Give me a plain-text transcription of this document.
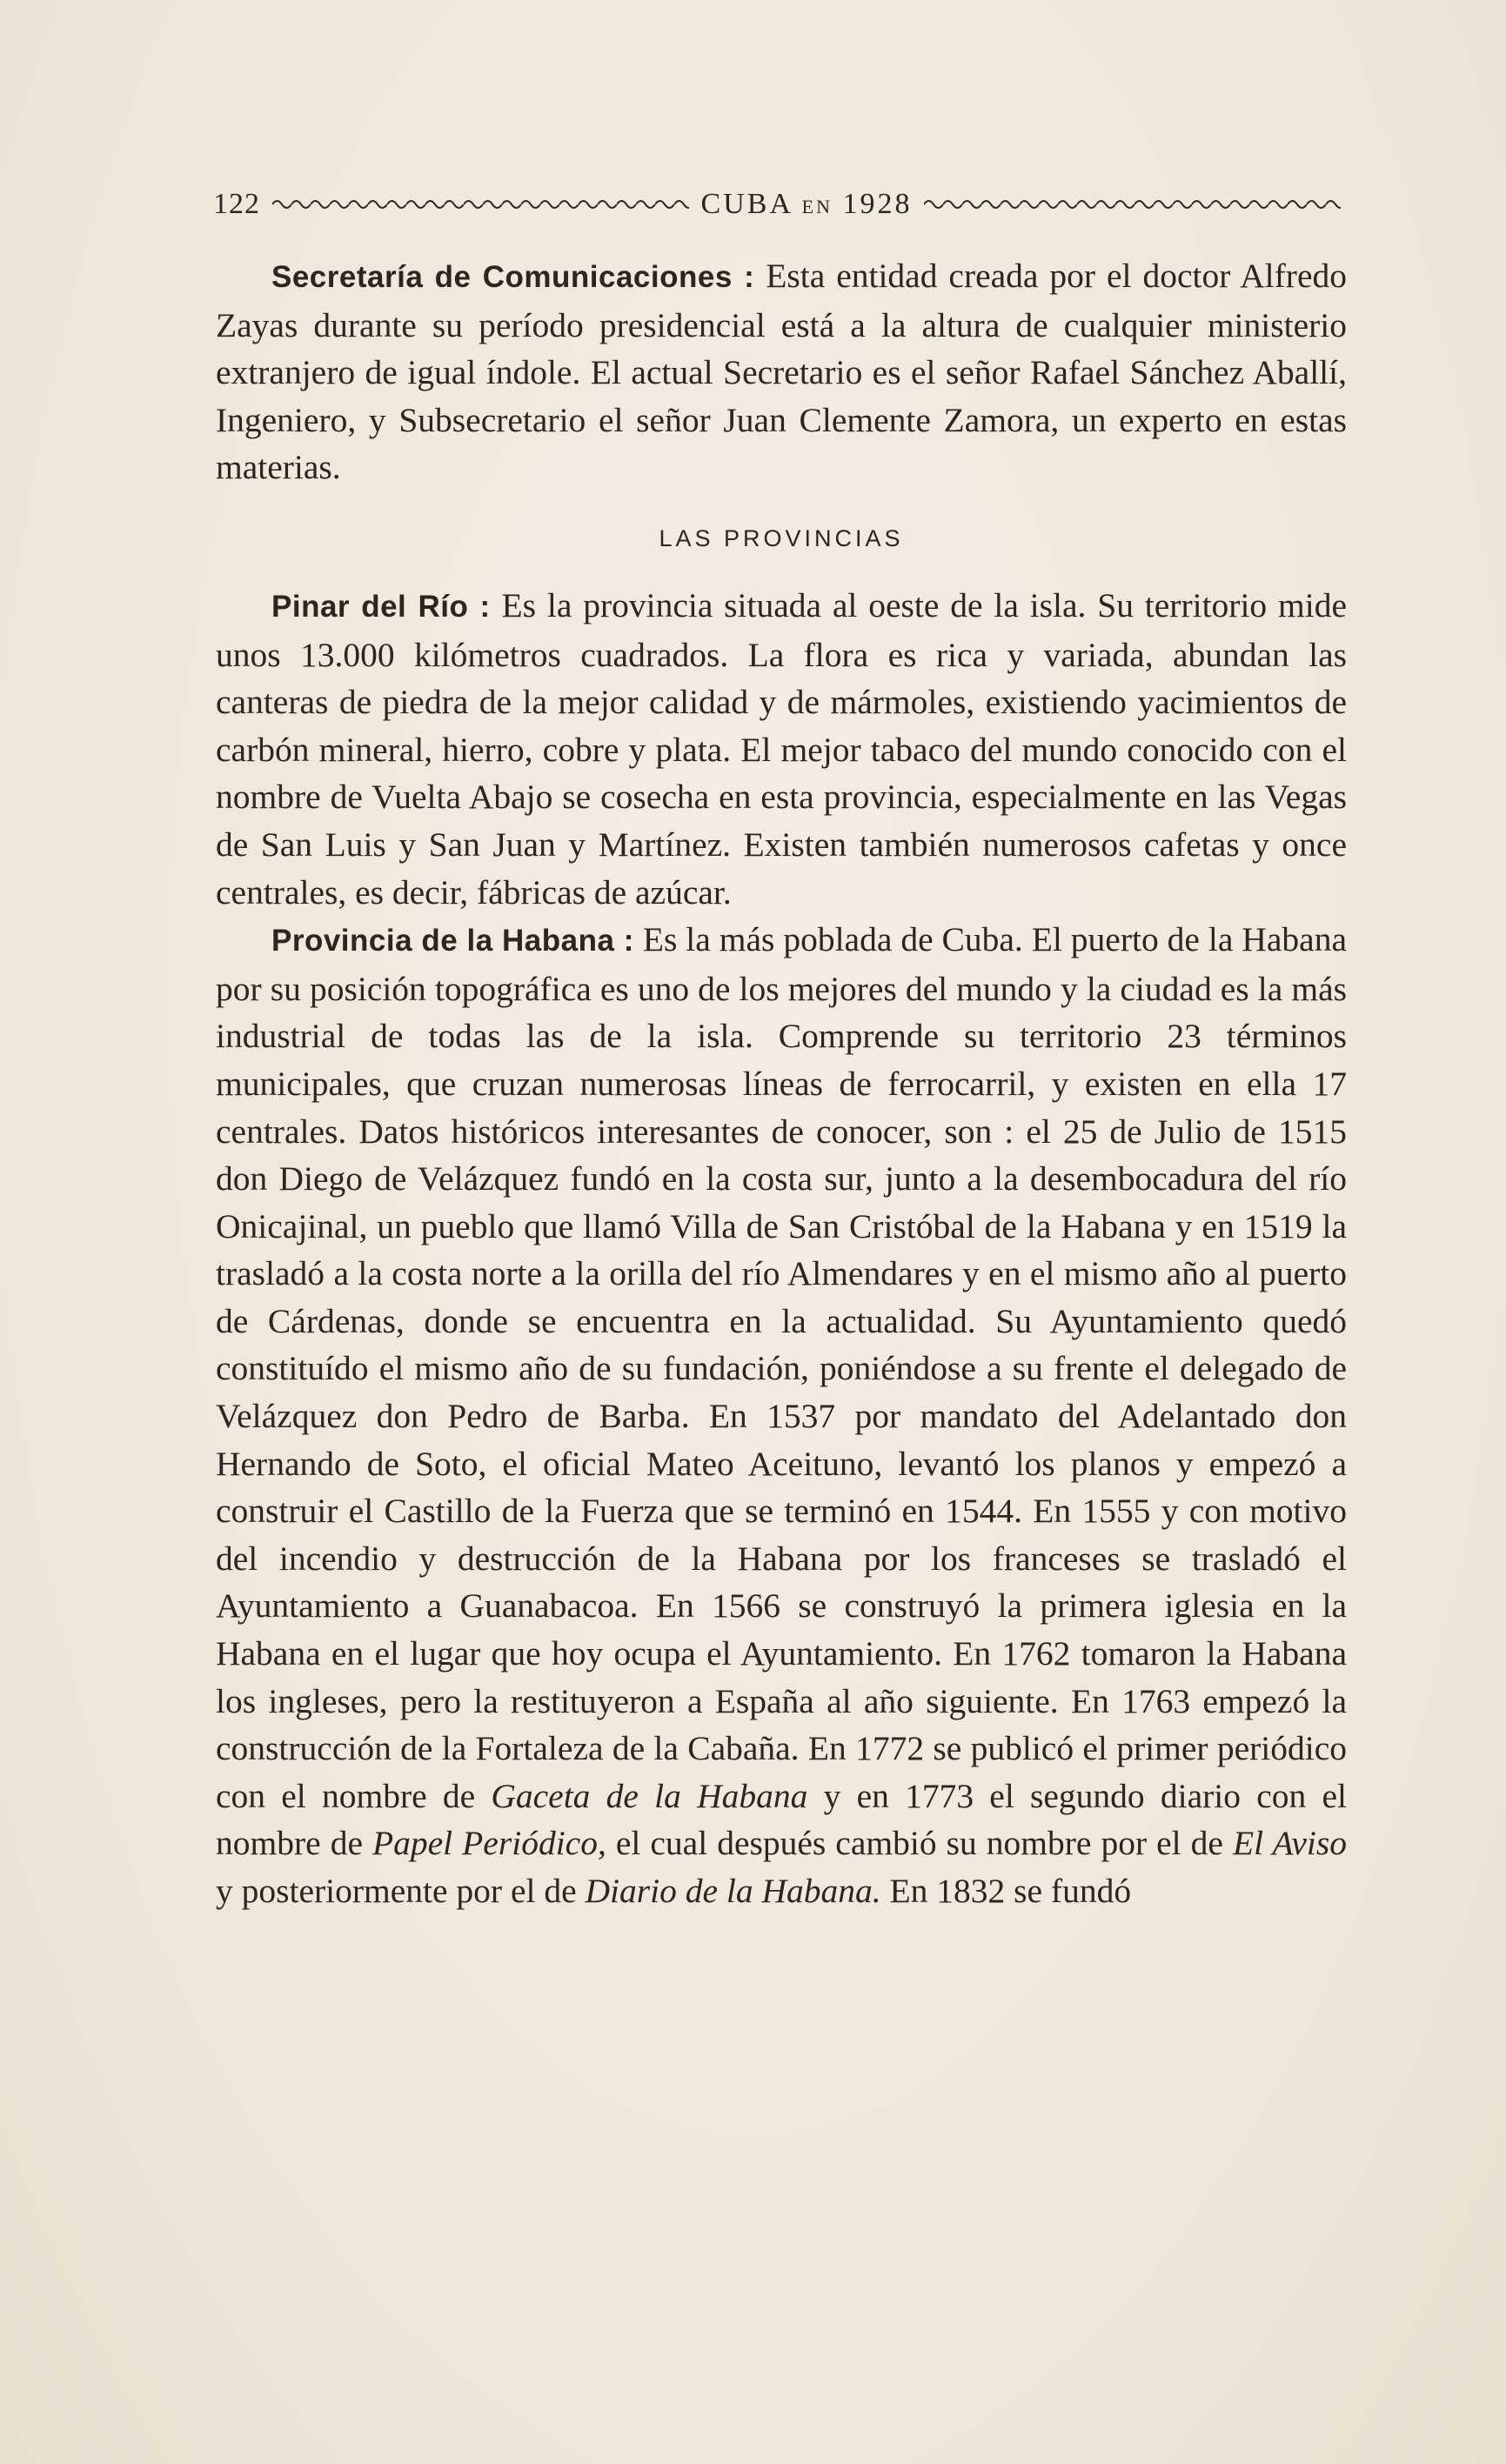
122	CUBA EN 1928

Secretaría de Comunicaciones : Esta entidad creada por el doctor Alfredo Zayas durante su período presidencial está a la altura de cualquier ministerio extranjero de igual índole. El actual Secretario es el señor Rafael Sánchez Aballí, Ingeniero, y Subsecretario el señor Juan Clemente Zamora, un experto en estas materias.

LAS PROVINCIAS

Pinar del Río : Es la provincia situada al oeste de la isla. Su territorio mide unos 13.000 kilómetros cuadrados. La flora es rica y variada, abundan las canteras de piedra de la mejor calidad y de mármoles, existiendo yacimientos de carbón mineral, hierro, cobre y plata. El mejor tabaco del mundo conocido con el nombre de Vuelta Abajo se cosecha en esta provincia, especialmente en las Vegas de San Luis y San Juan y Martínez. Existen también numerosos cafetas y once centrales, es decir, fábricas de azúcar.

Provincia de la Habana : Es la más poblada de Cuba. El puerto de la Habana por su posición topográfica es uno de los mejores del mundo y la ciudad es la más industrial de todas las de la isla. Comprende su territorio 23 términos municipales, que cruzan numerosas líneas de ferrocarril, y existen en ella 17 centrales. Datos históricos interesantes de conocer, son : el 25 de Julio de 1515 don Diego de Velázquez fundó en la costa sur, junto a la desembocadura del río Onicajinal, un pueblo que llamó Villa de San Cristóbal de la Habana y en 1519 la trasladó a la costa norte a la orilla del río Almendares y en el mismo año al puerto de Cárdenas, donde se encuentra en la actualidad. Su Ayuntamiento quedó constituído el mismo año de su fundación, poniéndose a su frente el delegado de Velázquez don Pedro de Barba. En 1537 por mandato del Adelantado don Hernando de Soto, el oficial Mateo Aceituno, levantó los planos y empezó a construir el Castillo de la Fuerza que se terminó en 1544. En 1555 y con motivo del incendio y destrucción de la Habana por los franceses se trasladó el Ayuntamiento a Guanabacoa. En 1566 se construyó la primera iglesia en la Habana en el lugar que hoy ocupa el Ayuntamiento. En 1762 tomaron la Habana los ingleses, pero la restituyeron a España al año siguiente. En 1763 empezó la construcción de la Fortaleza de la Cabaña. En 1772 se publicó el primer periódico con el nombre de Gaceta de la Habana y en 1773 el segundo diario con el nombre de Papel Periódico, el cual después cambió su nombre por el de El Aviso y posteriormente por el de Diario de la Habana. En 1832 se fundó
